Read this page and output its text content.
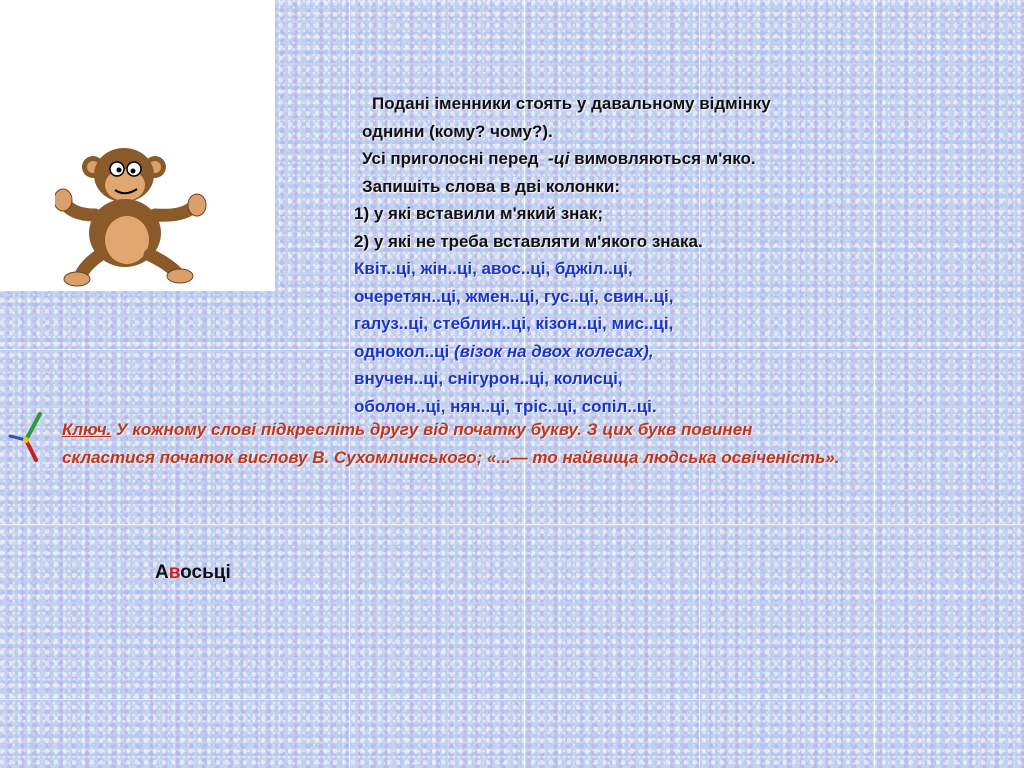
Подані іменники стоять у давальному відмінку
однини (кому? чому?).
Усі приголосні перед -ці вимовляються м'яко.
Запишіть слова в дві колонки:
1) у які вставили м'який знак;
2) у які не треба вставляти м'якого знака.
Квіт..ці, жін..ці, авос..ці, бджіл..ці,
очеретян..ці, жмен..ці, гус..ці, свин..ці,
галуз..ці, стеблин..ці, кізон..ці, мис..ці,
однокол..ці (візок на двох колесах),
внучен..ці, снігурон..ці, колисці,
оболон..ці, нян..ці, тріс..ці, сопіл..ці.
Ключ. У кожному слові підкресліть другу від початку букву. З цих букв повинен
скластися початок вислову В. Сухомлинського; «...— то найвища людська освіченість».
Авосьці
